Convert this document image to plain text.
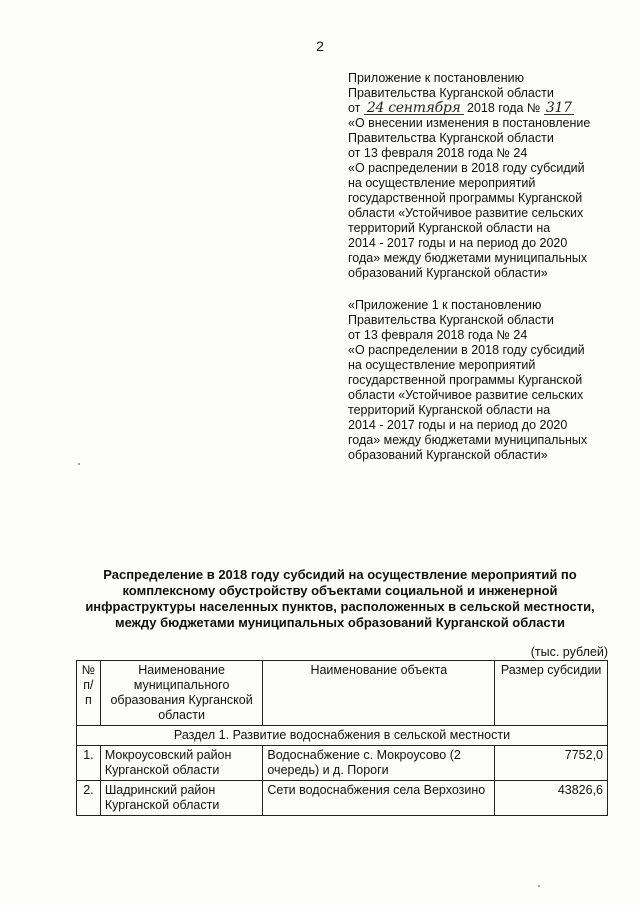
2
Приложение к постановлению
Правительства Курганской области
от 24 сентября 2018 года № 317
«О внесении изменения в постановление
Правительства Курганской области
от 13 февраля 2018 года № 24
«О распределении в 2018 году субсидий
на осуществление мероприятий
государственной программы Курганской
области «Устойчивое развитие сельских
территорий Курганской области на
2014 - 2017 годы и на период до 2020
года» между бюджетами муниципальных
образований Курганской области»
«Приложение 1 к постановлению
Правительства Курганской области
от 13 февраля 2018 года № 24
«О распределении в 2018 году субсидий
на осуществление мероприятий
государственной программы Курганской
области «Устойчивое развитие сельских
территорий Курганской области на
2014 - 2017 годы и на период до 2020
года» между бюджетами муниципальных
образований Курганской области»
Распределение в 2018 году субсидий на осуществление мероприятий по
комплексному обустройству объектами социальной и инженерной
инфраструктуры населенных пунктов, расположенных в сельской местности,
между бюджетами муниципальных образований Курганской области
(тыс. рублей)
№ п/п	Наименование муниципального образования Курганской области	Наименование объекта	Размер субсидии
Раздел 1. Развитие водоснабжения в сельской местности			
1.	Мокроусовский район Курганской области	Водоснабжение с. Мокроусово (2 очередь) и д. Пороги	7752,0
2.	Шадринский район Курганской области	Сети водоснабжения села Верхозино	43826,6
